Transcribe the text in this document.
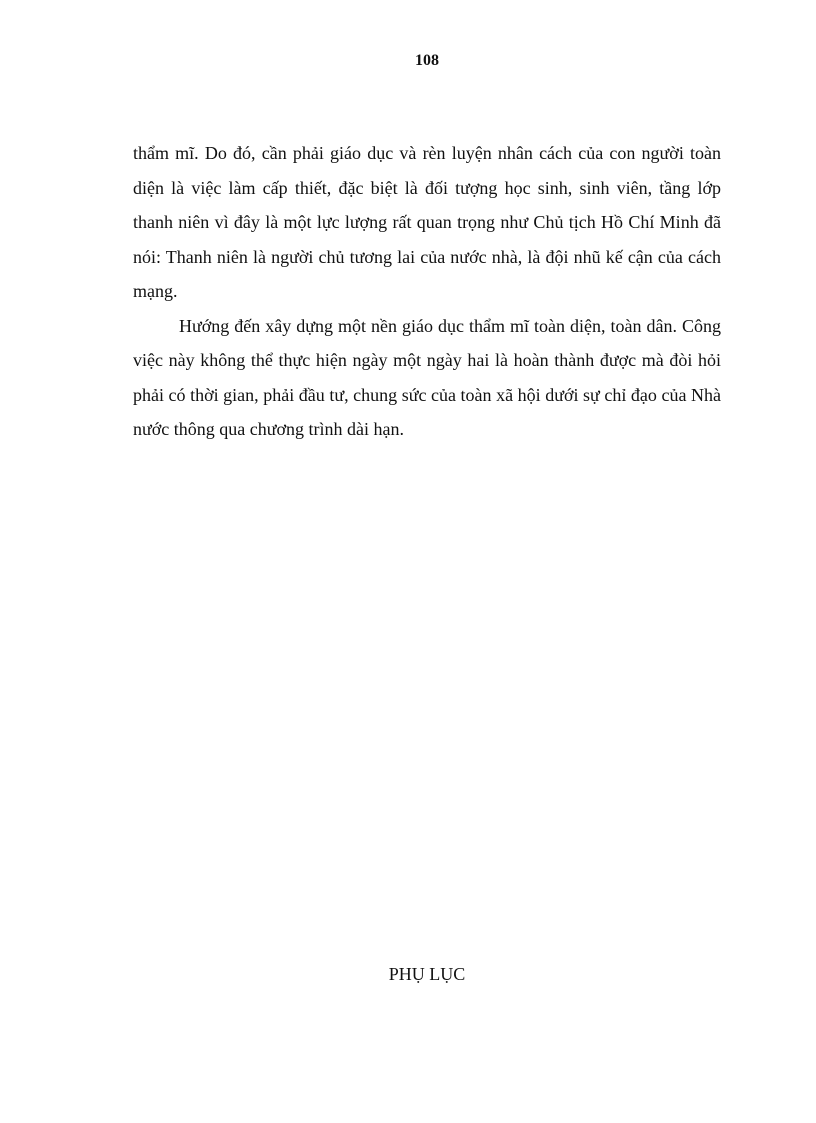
108

thẩm mĩ. Do đó, cần phải giáo dục và rèn luyện nhân cách của con người toàn diện là việc làm cấp thiết, đặc biệt là đối tượng học sinh, sinh viên, tầng lớp thanh niên vì đây là một lực lượng rất quan trọng như Chủ tịch Hồ Chí Minh đã nói: Thanh niên là người chủ tương lai của nước nhà, là đội nhũ kế cận của cách mạng.

Hướng đến xây dựng một nền giáo dục thẩm mĩ toàn diện, toàn dân. Công việc này không thể thực hiện ngày một ngày hai là hoàn thành được mà đòi hỏi phải có thời gian, phải đầu tư, chung sức của toàn xã hội dưới sự chỉ đạo của Nhà nước thông qua chương trình dài hạn.

PHỤ LỤC
